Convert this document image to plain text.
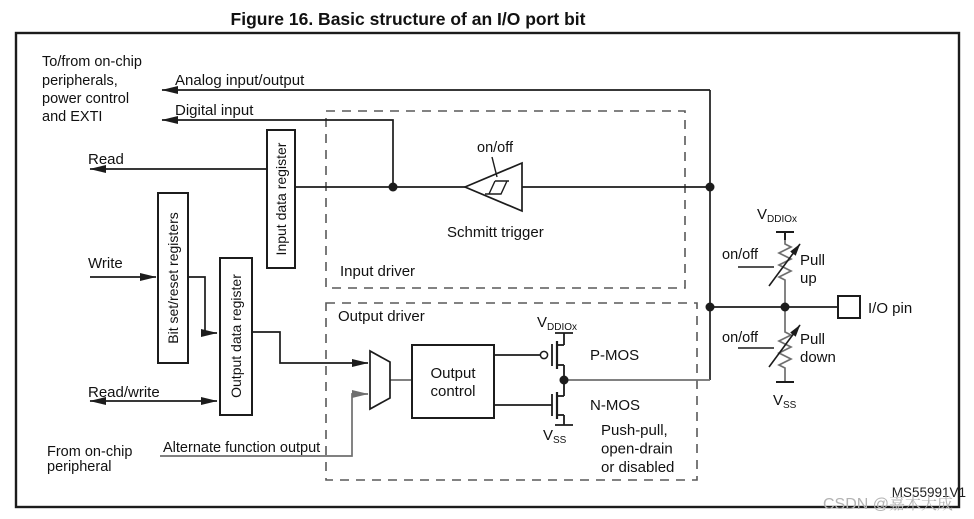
Figure 16. Basic structure of an I/O port bit
Input data register
Bit set/reset registers	Output data register
on/off
Schmitt trigger
Input driver
Output driver
Output
control
$V_{DDIOx}$
P-MOS
N-MOS
$V_{SS}$
Push-pull,
open-drain
or disabled
$V_{DDIOx}$
on/off	Pull
up
on/off	Pull
down
$V_{SS}$
I/O pin
To/from on-chip
peripherals,
power control
and EXTI
Analog input/output
Digital input
Read
Write
Read/write
From on-chip
peripheral
Alternate function output
MS55991V1
CSDN @嘉木大成
